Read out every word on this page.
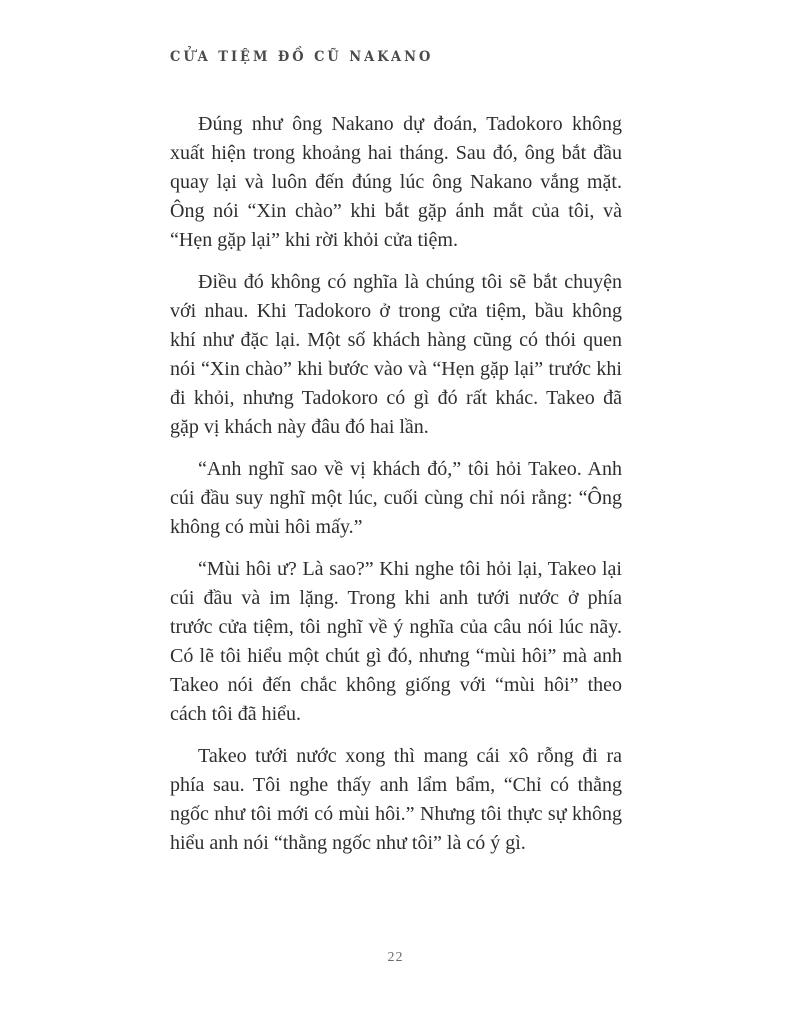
CỬA TIỆM ĐỒ CŨ NAKANO

Đúng như ông Nakano dự đoán, Tadokoro không xuất hiện trong khoảng hai tháng. Sau đó, ông bắt đầu quay lại và luôn đến đúng lúc ông Nakano vắng mặt. Ông nói “Xin chào” khi bắt gặp ánh mắt của tôi, và “Hẹn gặp lại” khi rời khỏi cửa tiệm.

Điều đó không có nghĩa là chúng tôi sẽ bắt chuyện với nhau. Khi Tadokoro ở trong cửa tiệm, bầu không khí như đặc lại. Một số khách hàng cũng có thói quen nói “Xin chào” khi bước vào và “Hẹn gặp lại” trước khi đi khỏi, nhưng Tadokoro có gì đó rất khác. Takeo đã gặp vị khách này đâu đó hai lần.

“Anh nghĩ sao về vị khách đó,” tôi hỏi Takeo. Anh cúi đầu suy nghĩ một lúc, cuối cùng chỉ nói rằng: “Ông không có mùi hôi mấy.”

“Mùi hôi ư? Là sao?” Khi nghe tôi hỏi lại, Takeo lại cúi đầu và im lặng. Trong khi anh tưới nước ở phía trước cửa tiệm, tôi nghĩ về ý nghĩa của câu nói lúc nãy. Có lẽ tôi hiểu một chút gì đó, nhưng “mùi hôi” mà anh Takeo nói đến chắc không giống với “mùi hôi” theo cách tôi đã hiểu.

Takeo tưới nước xong thì mang cái xô rỗng đi ra phía sau. Tôi nghe thấy anh lẩm bẩm, “Chỉ có thằng ngốc như tôi mới có mùi hôi.” Nhưng tôi thực sự không hiểu anh nói “thằng ngốc như tôi” là có ý gì.

22
